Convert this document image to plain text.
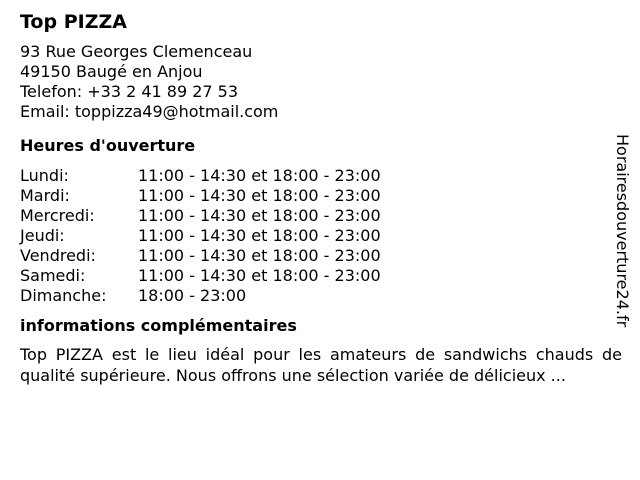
Top PIZZA
93 Rue Georges Clemenceau
49150 Baugé en Anjou
Telefon: +33 2 41 89 27 53
Email: toppizza49@hotmail.com
Heures d'ouverture
Lundi:	11:00 - 14:30 et 18:00 - 23:00
Mardi:	11:00 - 14:30 et 18:00 - 23:00
Mercredi:	11:00 - 14:30 et 18:00 - 23:00
Jeudi:	11:00 - 14:30 et 18:00 - 23:00
Vendredi:	11:00 - 14:30 et 18:00 - 23:00
Samedi:	11:00 - 14:30 et 18:00 - 23:00
Dimanche:	18:00 - 23:00
informations complémentaires
Top PIZZA est le lieu idéal pour les amateurs de sandwichs chauds de qualité supérieure. Nous offrons une sélection variée de délicieux ...
Horairesdouverture24.fr
